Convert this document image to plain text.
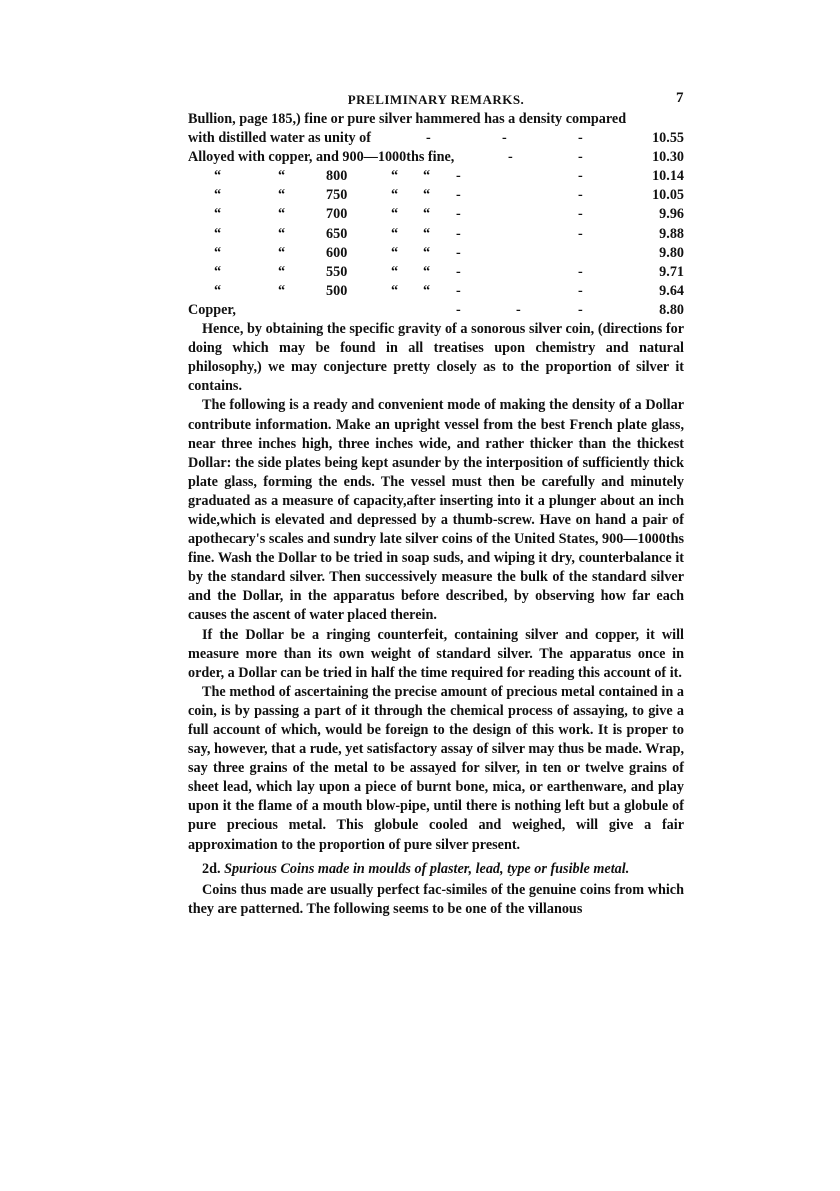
PRELIMINARY REMARKS.	7
Bullion, page 185,) fine or pure silver hammered has a density compared
with distilled water as unity of	-	-	-	10.55
Alloyed with copper, and 900—1000ths fine,	-	-	10.30
“	“	800	“ “ -	-	10.14
“	“	750	“ “ -	-	10.05
“	“	700	“ “ -	-	9.96
“	“	650	“ “ -	-	9.88
“	“	600	“ “ -	9.80
“	“	550	“ “ -	-	9.71
“	“	500	“ “ -	-	9.64
Copper,	-	-	-	8.80

Hence, by obtaining the specific gravity of a sonorous silver coin, (directions for doing which may be found in all treatises upon chemistry and natural philosophy,) we may conjecture pretty closely as to the proportion of silver it contains.

The following is a ready and convenient mode of making the density of a Dollar contribute information. Make an upright vessel from the best French plate glass, near three inches high, three inches wide, and rather thicker than the thickest Dollar: the side plates being kept asunder by the interposition of sufficiently thick plate glass, forming the ends. The vessel must then be carefully and minutely graduated as a measure of capacity,after inserting into it a plunger about an inch wide,which is elevated and depressed by a thumb-screw. Have on hand a pair of apothecary's scales and sundry late silver coins of the United States, 900—1000ths fine. Wash the Dollar to be tried in soap suds, and wiping it dry, counterbalance it by the standard silver. Then successively measure the bulk of the standard silver and the Dollar, in the apparatus before described, by observing how far each causes the ascent of water placed therein.

If the Dollar be a ringing counterfeit, containing silver and copper, it will measure more than its own weight of standard silver. The apparatus once in order, a Dollar can be tried in half the time required for reading this account of it.

The method of ascertaining the precise amount of precious metal contained in a coin, is by passing a part of it through the chemical process of assaying, to give a full account of which, would be foreign to the design of this work. It is proper to say, however, that a rude, yet satisfactory assay of silver may thus be made. Wrap, say three grains of the metal to be assayed for silver, in ten or twelve grains of sheet lead, which lay upon a piece of burnt bone, mica, or earthenware, and play upon it the flame of a mouth blow-pipe, until there is nothing left but a globule of pure precious metal. This globule cooled and weighed, will give a fair approximation to the proportion of pure silver present.

2d. Spurious Coins made in moulds of plaster, lead, type or fusible metal.

Coins thus made are usually perfect fac-similes of the genuine coins from which they are patterned. The following seems to be one of the villanous
